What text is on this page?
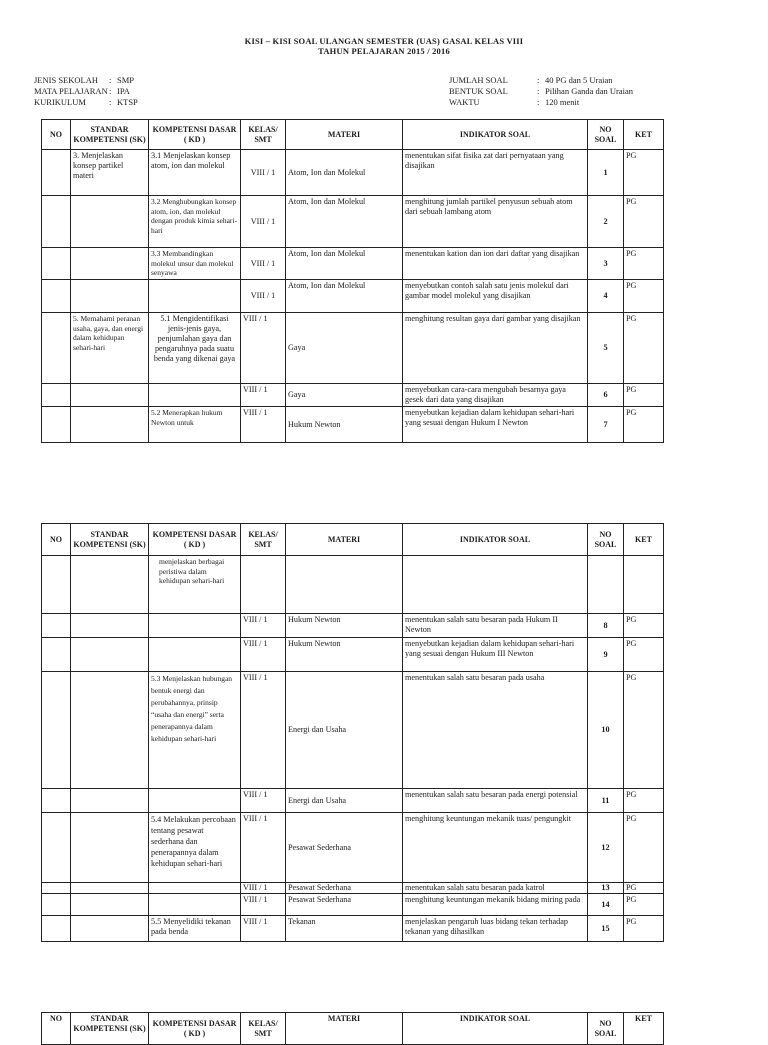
KISI – KISI SOAL ULANGAN SEMESTER (UAS) GASAL KELAS VIII
TAHUN PELAJARAN 2015 / 2016
JENIS SEKOLAH : SMP
MATA PELAJARAN: IPA
KURIKULUM	: KTSP
JUMLAH SOAL	: 40 PG dan 5 Uraian
BENTUK SOAL	: Pilihan Ganda dan Uraian
WAKTU	: 120 menit
NO	STANDAR KOMPETENSI (SK)	KOMPETENSI DASAR ( KD )	KELAS/ SMT	MATERI	INDIKATOR SOAL	NO SOAL	KET
	3. Menjelaskan konsep partikel materi	3.1 Menjelaskan konsep atom, ion dan molekul	VIII / 1	Atom, Ion dan Molekul	menentukan sifat fisika zat dari pernyataan yang disajikan	1	PG
		3.2 Menghubungkan konsep atom, ion, dan molekul dengan produk kimia sehari-hari	VIII / 1	Atom, Ion dan Molekul	menghitung jumlah partikel penyusun sebuah atom dari sebuah lambang atom	2	PG
		3.3 Membandingkan molekul unsur dan molekul senyawa	VIII / 1	Atom, Ion dan Molekul	menentukan kation dan ion dari daftar yang disajikan	3	PG
			VIII / 1	Atom, Ion dan Molekul	menyebutkan contoh salah satu jenis molekul dari gambar model molekul yang disajikan	4	PG
	5. Memahami peranan usaha, gaya, dan energi dalam kehidupan sehari-hari	5.1 Mengidentifikasi jenis-jenis gaya, penjumlahan gaya dan pengaruhnya pada suatu benda yang dikenai gaya	VIII / 1	Gaya	menghitung resultan gaya dari gambar yang disajikan	5	PG
			VIII / 1	Gaya	menyebutkan cara-cara mengubah besarnya gaya gesek dari data yang disajikan	6	PG
		5.2 Menerapkan hukum Newton untuk	VIII / 1	Hukum Newton	menyebutkan kejadian dalam kehidupan sehari-hari yang sesuai dengan Hukum I Newton	7	PG
NO	STANDAR KOMPETENSI (SK)	KOMPETENSI DASAR ( KD )	KELAS/ SMT	MATERI	INDIKATOR SOAL	NO SOAL	KET
		menjelaskan berbagai peristiwa dalam kehidupan sehari-hari					
			VIII / 1	Hukum Newton	menentukan salah satu besaran pada Hukum II Newton	8	PG
			VIII / 1	Hukum Newton	menyebutkan kejadian dalam kehidupan sehari-hari yang sesuai dengan Hukum III Newton	9	PG
		5.3 Menjelaskan hubungan bentuk energi dan perubahannya, prinsip “usaha dan energi” serta penerapannya dalam kehidupan sehari-hari	VIII / 1	Energi dan Usaha	menentukan salah satu besaran pada usaha	10	PG
			VIII / 1	Energi dan Usaha	menentukan salah satu besaran pada energi potensial	11	PG
		5.4 Melakukan percobaan tentang pesawat sederhana dan penerapannya dalam kehidupan sehari-hari	VIII / 1	Pesawat Sederhana	menghitung keuntungan mekanik tuas/ pengungkit	12	PG
			VIII / 1	Pesawat Sederhana	menentukan salah satu besaran pada katrol	13	PG
			VIII / 1	Pesawat Sederhana	menghitung keuntungan mekanik bidang miring pada	14	PG
		5.5 Menyelidiki tekanan pada benda	VIII / 1	Tekanan	menjelaskan pengaruh luas bidang tekan terhadap tekanan yang dihasilkan	15	PG
NO	STANDAR KOMPETENSI (SK)	KOMPETENSI DASAR ( KD )	KELAS/ SMT	MATERI	INDIKATOR SOAL	NO SOAL	KET
